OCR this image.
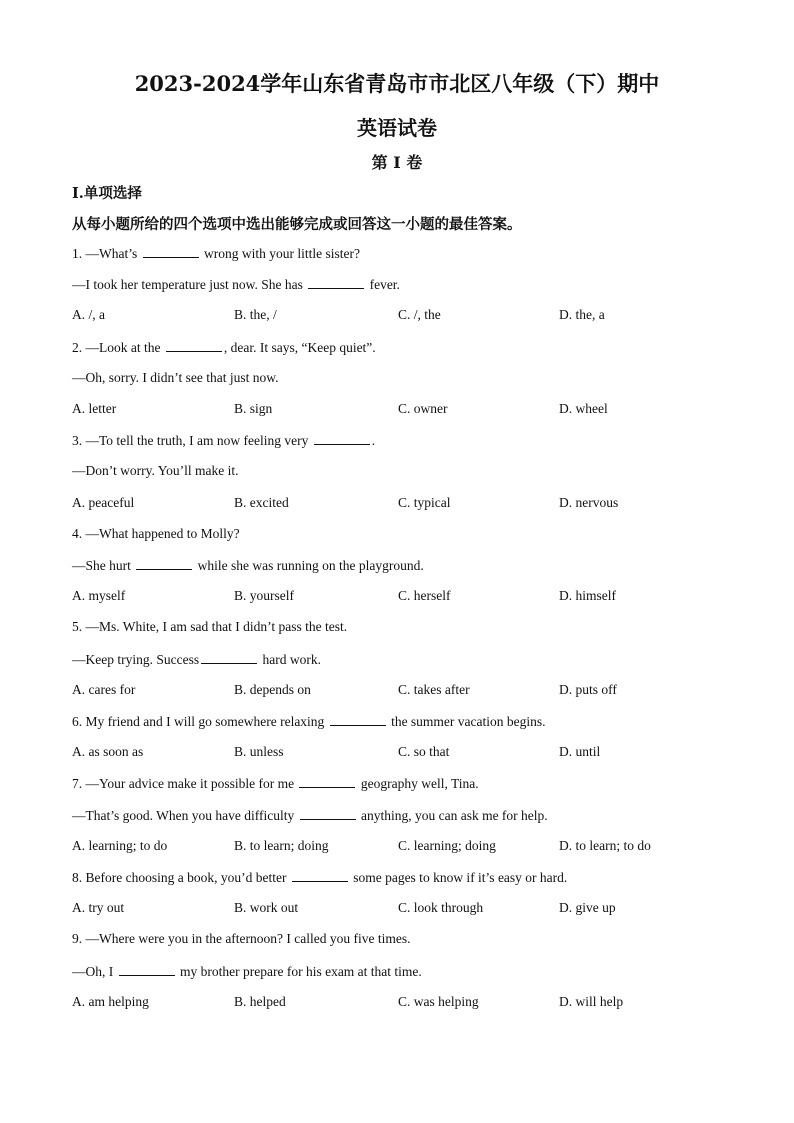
2023-2024学年山东省青岛市市北区八年级（下）期中
英语试卷
第 I 卷
Ⅰ.单项选择
从每小题所给的四个选项中选出能够完成或回答这一小题的最佳答案。
1. —What’s	wrong with your little sister?
—I took her temperature just now. She has	fever.
A. /, a	B. the, /	C. /, the	D. the, a
2. —Look at the	, dear. It says, “Keep quiet”.
—Oh, sorry. I didn’t see that just now.
A. letter	B. sign	C. owner	D. wheel
3. —To tell the truth, I am now feeling very	.
—Don’t worry. You’ll make it.
A. peaceful	B. excited	C. typical	D. nervous
4. —What happened to Molly?
—She hurt	while she was running on the playground.
A. myself	B. yourself	C. herself	D. himself
5. —Ms. White, I am sad that I didn’t pass the test.
—Keep trying. Success	hard work.
A. cares for	B. depends on	C. takes after	D. puts off
6. My friend and I will go somewhere relaxing	the summer vacation begins.
A. as soon as	B. unless	C. so that	D. until
7. —Your advice make it possible for me	geography well, Tina.
—That’s good. When you have difficulty	anything, you can ask me for help.
A. learning; to do	B. to learn; doing	C. learning; doing	D. to learn; to do
8. Before choosing a book, you’d better	some pages to know if it’s easy or hard.
A. try out	B. work out	C. look through	D. give up
9. —Where were you in the afternoon? I called you five times.
—Oh, I	my brother prepare for his exam at that time.
A. am helping	B. helped	C. was helping	D. will help
